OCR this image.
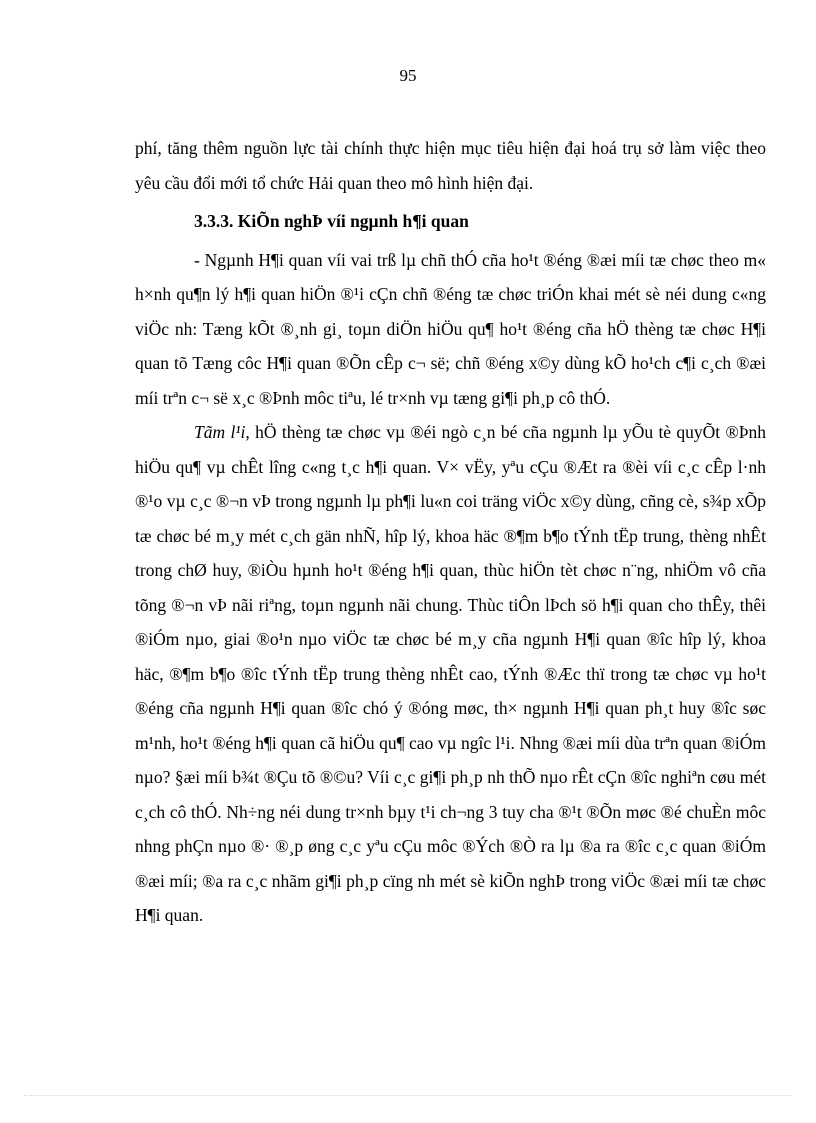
95

phí, tăng thêm nguồn lực tài chính thực hiện mục tiêu hiện đại hoá trụ sở làm việc theo yêu cầu đổi mới tổ chức Hải quan theo mô hình hiện đại.

3.3.3. KiÕn nghÞ víi ngµnh h¶i quan

- Ngµnh H¶i quan víi vai trß lµ chñ thÓ cña ho¹t ®éng ®æi míi tæ chøc theo m« h×nh qu¶n lý h¶i quan hiÖn ®¹i cÇn chñ ®éng tæ chøc triÓn khai mét sè néi dung c«ng viÖc nh: Tæng kÕt ®¸nh gi¸ toµn diÖn hiÖu qu¶ ho¹t ®éng cña hÖ thèng tæ chøc H¶i quan tõ Tæng côc H¶i quan ®Õn cÊp c¬ së; chñ ®éng x©y dùng kÕ ho¹ch c¶i c¸ch ®æi míi trªn c¬ së x¸c ®Þnh môc tiªu, lé tr×nh vµ tæng gi¶i ph¸p cô thÓ.

Tãm l¹i, hÖ thèng tæ chøc vµ ®éi ngò c¸n bé cña ngµnh lµ yÕu tè quyÕt ®Þnh hiÖu qu¶ vµ chÊt lîng c«ng t¸c h¶i quan. V× vËy, yªu cÇu ®Æt ra ®èi víi c¸c cÊp l·nh ®¹o vµ c¸c ®¬n vÞ trong ngµnh lµ ph¶i lu«n coi träng viÖc x©y dùng, cñng cè, s¾p xÕp tæ chøc bé m¸y mét c¸ch gän nhÑ, hîp lý, khoa häc ®¶m b¶o tÝnh tËp trung, thèng nhÊt trong chØ huy, ®iÒu hµnh ho¹t ®éng h¶i quan, thùc hiÖn tèt chøc n¨ng, nhiÖm vô cña tõng ®¬n vÞ nãi riªng, toµn ngµnh nãi chung. Thùc tiÔn lÞch sö h¶i quan cho thÊy, thêi ®iÓm nµo, giai ®o¹n nµo viÖc tæ chøc bé m¸y cña ngµnh H¶i quan ®îc hîp lý, khoa häc, ®¶m b¶o ®îc tÝnh tËp trung thèng nhÊt cao, tÝnh ®Æc thï trong tæ chøc vµ ho¹t ®éng cña ngµnh H¶i quan ®îc chó ý ®óng møc, th× ngµnh H¶i quan ph¸t huy ®îc søc m¹nh, ho¹t ®éng h¶i quan cã hiÖu qu¶ cao vµ ngîc l¹i. Nhng ®æi míi dùa trªn quan ®iÓm nµo? §æi míi b¾t ®Çu tõ ®©u? Víi c¸c gi¶i ph¸p nh thÕ nµo rÊt cÇn ®îc nghiªn cøu mét c¸ch cô thÓ. Nh÷ng néi dung tr×nh bµy t¹i ch¬ng 3 tuy cha ®¹t ®Õn møc ®é chuÈn môc nhng phÇn nµo ®· ®¸p øng c¸c yªu cÇu môc ®Ých ®Ò ra lµ ®a ra ®îc c¸c quan ®iÓm ®æi míi; ®a ra c¸c nhãm gi¶i ph¸p cïng nh mét sè kiÕn nghÞ trong viÖc ®æi míi tæ chøc H¶i quan.
